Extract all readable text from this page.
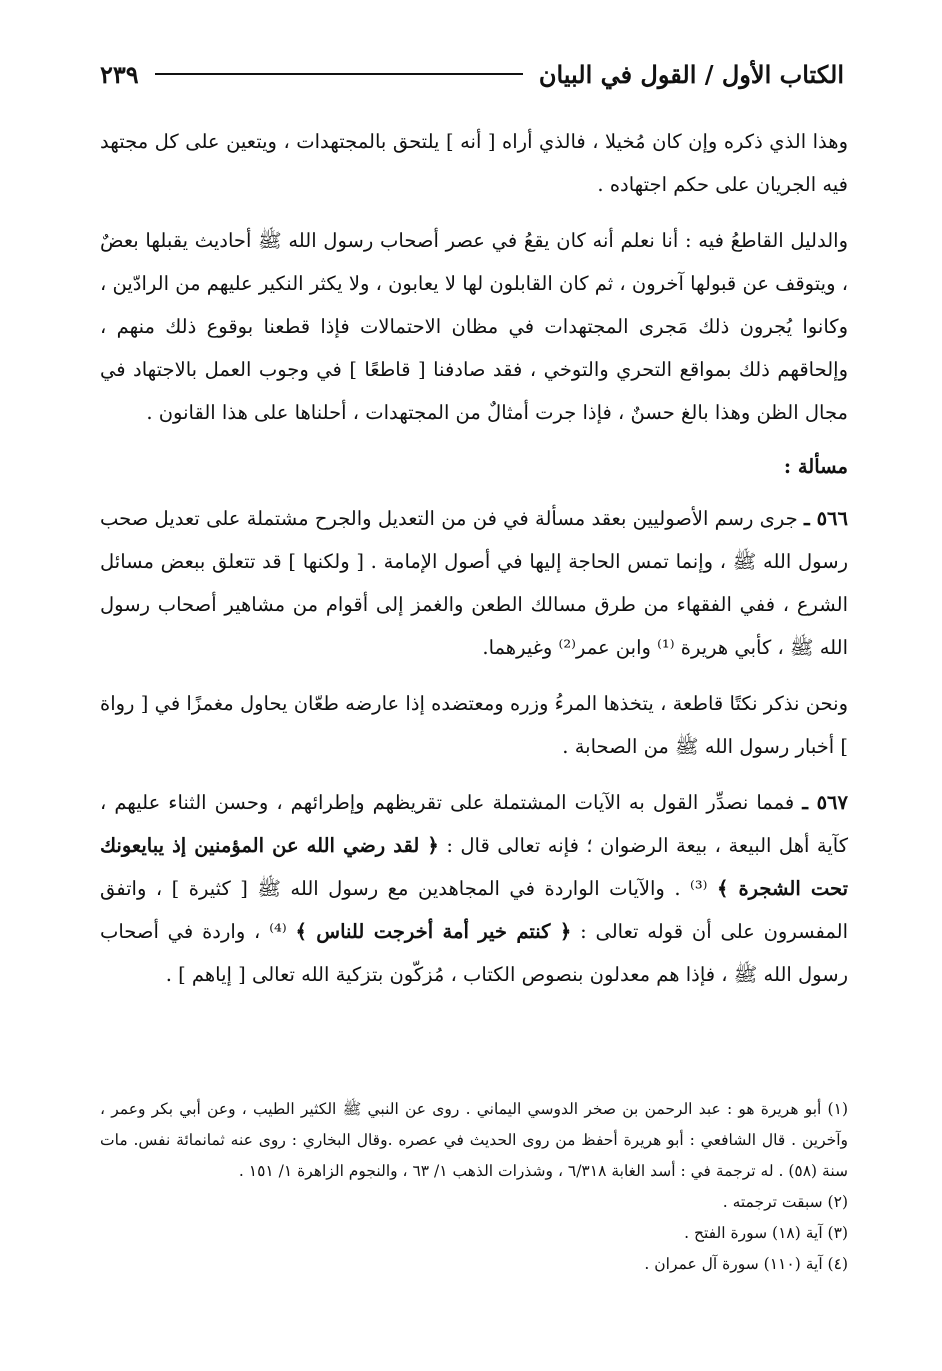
الكتاب الأول / القول في البيان
٢٣٩

وهذا الذي ذكره وإن كان مُخيلا ، فالذي أراه [ أنه ] يلتحق بالمجتهدات ، ويتعين على كل مجتهد فيه الجريان على حكم اجتهاده .

والدليل القاطعُ فيه : أنا نعلم أنه كان يقعُ في عصر أصحاب رسول الله ﷺ أحاديث يقبلها بعضٌ ، ويتوقف عن قبولها آخرون ، ثم كان القابلون لها لا يعابون ، ولا يكثر النكير عليهم من الرادّين ، وكانوا يُجرون ذلك مَجرى المجتهدات في مظان الاحتمالات فإذا قطعنا بوقوع ذلك منهم ، وإلحاقهم ذلك بمواقع التحري والتوخي ، فقد صادفنا [ قاطعًا ] في وجوب العمل بالاجتهاد في مجال الظن وهذا بالغ حسنٌ ، فإذا جرت أمثالٌ من المجتهدات ، أحلناها على هذا القانون .

مسألة :

٥٦٦ ـ جرى رسم الأصوليين بعقد مسألة في فن من التعديل والجرح مشتملة على تعديل صحب رسول الله ﷺ ، وإنما تمس الحاجة إليها في أصول الإمامة . [ ولكنها ] قد تتعلق ببعض مسائل الشرع ، ففي الفقهاء من طرق مسالك الطعن والغمز إلى أقوام من مشاهير أصحاب رسول الله ﷺ ، كأبي هريرة ⁽¹⁾ وابن عمر⁽²⁾ وغيرهما.

ونحن نذكر نكتًا قاطعة ، يتخذها المرءُ وزره ومعتضده إذا عارضه طعّان يحاول مغمزًا في [ رواة ] أخبار رسول الله ﷺ من الصحابة .

٥٦٧ ـ فمما نصدِّر القول به الآيات المشتملة على تقريظهم وإطرائهم ، وحسن الثناء عليهم ، كآية أهل البيعة ، بيعة الرضوان ؛ فإنه تعالى قال : ﴿ لقد رضي الله عن المؤمنين إذ يبايعونك تحت الشجرة ﴾ ⁽³⁾ . والآيات الواردة في المجاهدين مع رسول الله ﷺ [ كثيرة ] ، واتفق المفسرون على أن قوله تعالى : ﴿ كنتم خير أمة أخرجت للناس ﴾ ⁽⁴⁾ ، واردة في أصحاب رسول الله ﷺ ، فإذا هم معدلون بنصوص الكتاب ، مُزكّون بتزكية الله تعالى [ إياهم ] .

(١) أبو هريرة هو : عبد الرحمن بن صخر الدوسي اليماني . روى عن النبي ﷺ الكثير الطيب ، وعن أبي بكر وعمر ، وآخرين . قال الشافعي : أبو هريرة أحفظ من روى الحديث في عصره .وقال البخاري : روى عنه ثمانمائة نفس. مات سنة (٥٨) . له ترجمة في : أسد الغابة ٦/٣١٨ ، وشذرات الذهب ١/ ٦٣ ، والنجوم الزاهرة ١/ ١٥١ .

(٢) سبقت ترجمته .

(٣) آية (١٨) سورة الفتح .

(٤) آية (١١٠) سورة آل عمران .
